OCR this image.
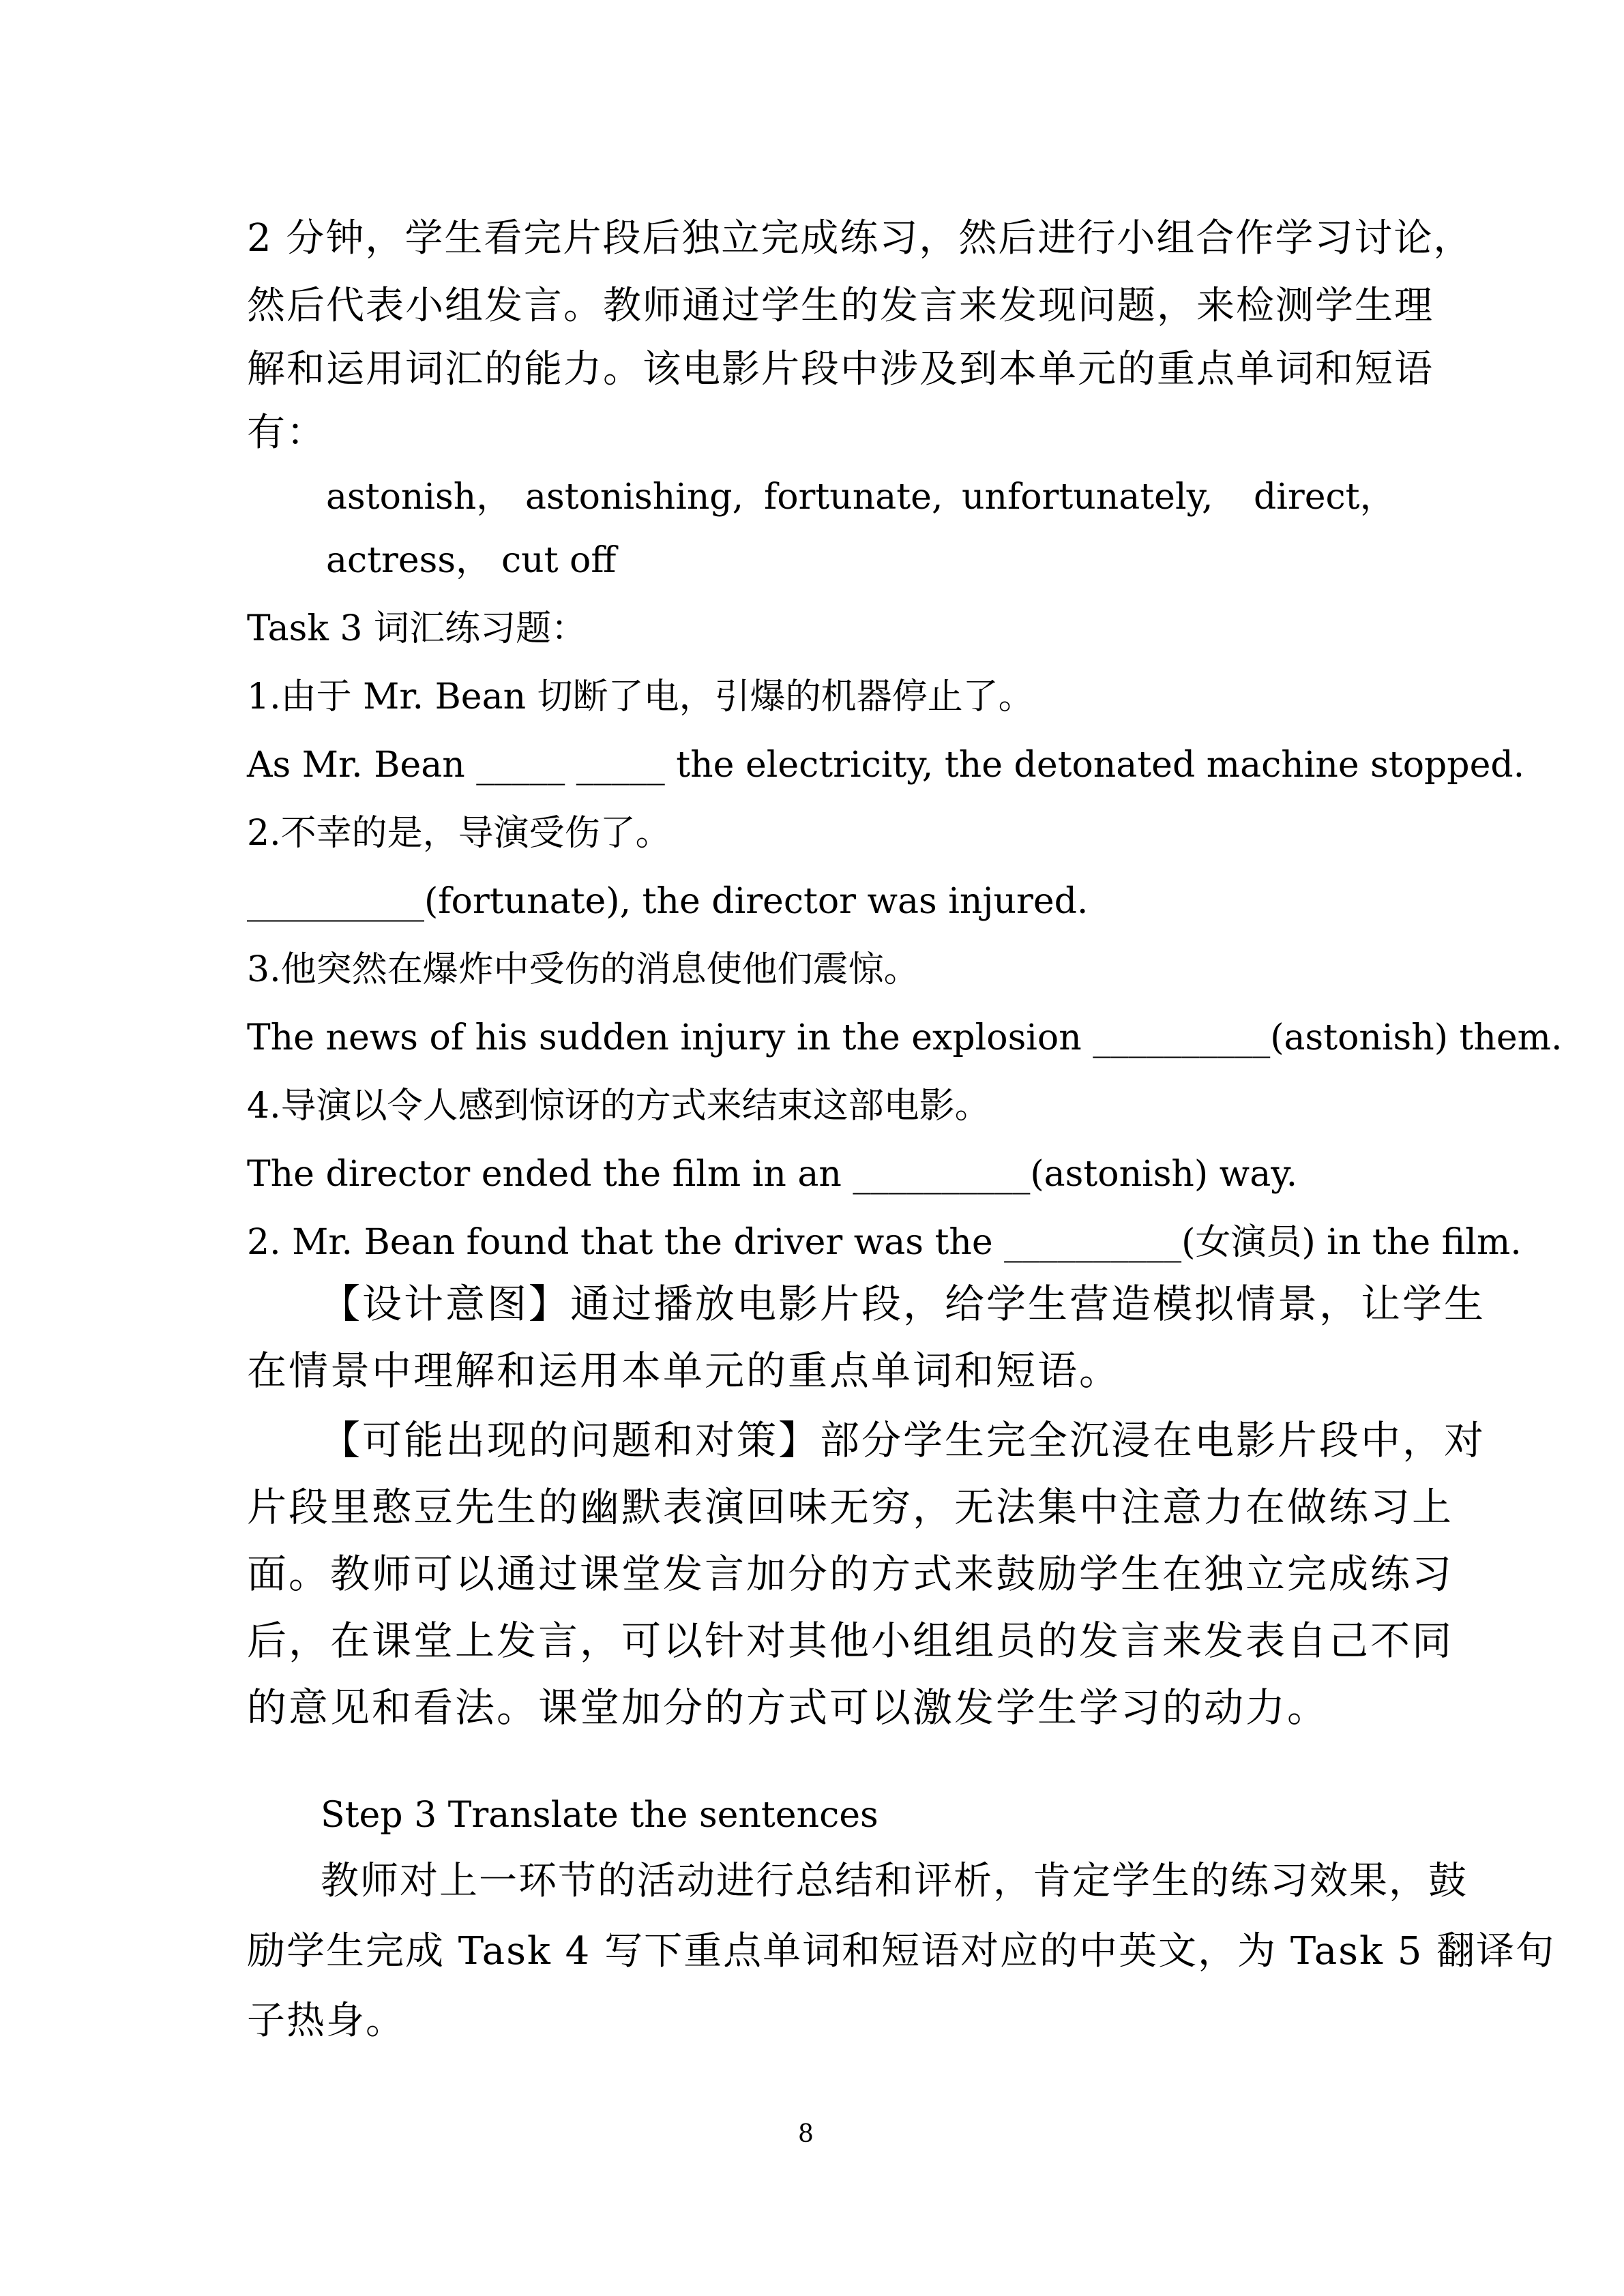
2 分钟，学生看完片段后独立完成练习，然后进行小组合作学习讨论，
然后代表小组发言。教师通过学生的发言来发现问题，来检测学生理
解和运用词汇的能力。该电影片段中涉及到本单元的重点单词和短语
有：
astonish， astonishing, fortunate, unfortunately, direct，
actress， cut off
Task 3 词汇练习题：
1.由于 Mr. Bean 切断了电，引爆的机器停止了。
As Mr. Bean _____ _____ the electricity, the detonated machine stopped.
2.不幸的是，导演受伤了。
__________(fortunate), the director was injured.
3.他突然在爆炸中受伤的消息使他们震惊。
The news of his sudden injury in the explosion __________(astonish) them.
4.导演以令人感到惊讶的方式来结束这部电影。
The director ended the film in an __________(astonish) way.
2. Mr. Bean found that the driver was the __________(女演员) in the film.
【设计意图】通过播放电影片段，给学生营造模拟情景，让学生
在情景中理解和运用本单元的重点单词和短语。
【可能出现的问题和对策】部分学生完全沉浸在电影片段中，对
片段里憨豆先生的幽默表演回味无穷，无法集中注意力在做练习上
面。教师可以通过课堂发言加分的方式来鼓励学生在独立完成练习
后，在课堂上发言，可以针对其他小组组员的发言来发表自己不同
的意见和看法。课堂加分的方式可以激发学生学习的动力。
Step 3 Translate the sentences
教师对上一环节的活动进行总结和评析，肯定学生的练习效果，鼓
励学生完成 Task 4 写下重点单词和短语对应的中英文，为 Task 5 翻译句
子热身。
8
